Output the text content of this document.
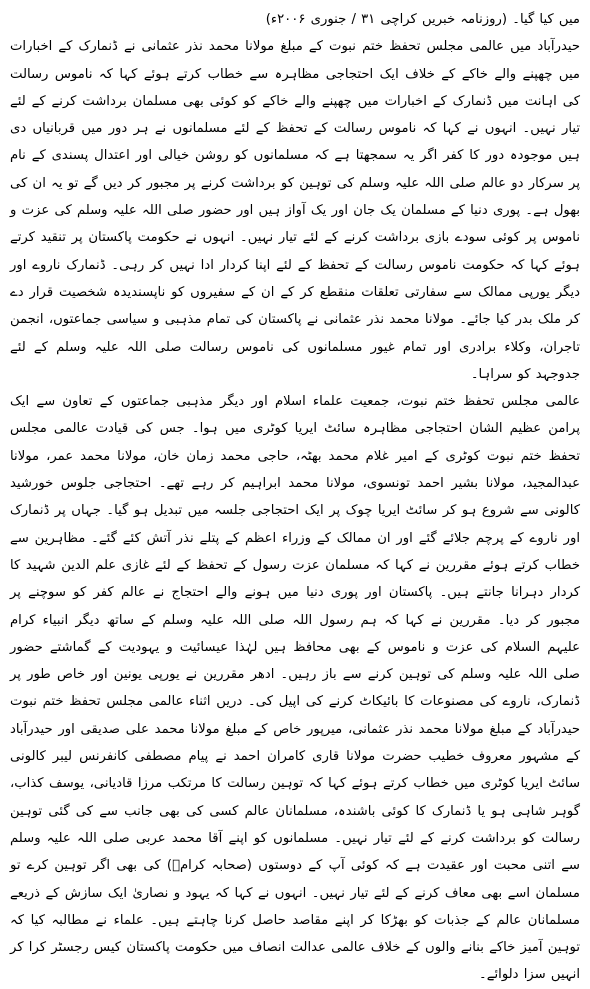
میں کیا گیا۔ (روزنامہ خبریں کراچی ۳۱ / جنوری ۲۰۰۶ء)

حیدرآباد میں عالمی مجلس تحفظ ختم نبوت کے مبلغ مولانا محمد نذر عثمانی نے ڈنمارک کے اخبارات میں چھپنے والے خاکے کے خلاف ایک احتجاجی مظاہرہ سے خطاب کرتے ہوئے کہا کہ ناموس رسالت کی اہانت میں ڈنمارک کے اخبارات میں چھپنے والے خاکے کو کوئی بھی مسلمان برداشت کرنے کے لئے تیار نہیں۔ انہوں نے کہا کہ ناموس رسالت کے تحفظ کے لئے مسلمانوں نے ہر دور میں قربانیاں دی ہیں موجودہ دور کا کفر اگر یہ سمجھتا ہے کہ مسلمانوں کو روشن خیالی اور اعتدال پسندی کے نام پر سرکار دو عالم صلی اللہ علیہ وسلم کی توہین کو برداشت کرنے پر مجبور کر دیں گے تو یہ ان کی بھول ہے۔ پوری دنیا کے مسلمان یک جان اور یک آواز ہیں اور حضور صلی اللہ علیہ وسلم کی عزت و ناموس پر کوئی سودے بازی برداشت کرنے کے لئے تیار نہیں۔ انہوں نے حکومت پاکستان پر تنقید کرتے ہوئے کہا کہ حکومت ناموس رسالت کے تحفظ کے لئے اپنا کردار ادا نہیں کر رہی۔ ڈنمارک ناروے اور دیگر یورپی ممالک سے سفارتی تعلقات منقطع کر کے ان کے سفیروں کو ناپسندیدہ شخصیت قرار دے کر ملک بدر کیا جائے۔ مولانا محمد نذر عثمانی نے پاکستان کی تمام مذہبی و سیاسی جماعتوں، انجمن تاجران، وکلاء برادری اور تمام غیور مسلمانوں کی ناموس رسالت صلی اللہ علیہ وسلم کے لئے جدوجہد کو سراہا۔

عالمی مجلس تحفظ ختم نبوت، جمعیت علماء اسلام اور دیگر مذہبی جماعتوں کے تعاون سے ایک پرامن عظیم الشان احتجاجی مظاہرہ سائٹ ایریا کوٹری میں ہوا۔ جس کی قیادت عالمی مجلس تحفظ ختم نبوت کوٹری کے امیر غلام محمد بھٹہ، حاجی محمد زمان خان، مولانا محمد عمر، مولانا عبدالمجید، مولانا بشیر احمد تونسوی، مولانا محمد ابراہیم کر رہے تھے۔ احتجاجی جلوس خورشید کالونی سے شروع ہو کر سائٹ ایریا چوک پر ایک احتجاجی جلسہ میں تبدیل ہو گیا۔ جہاں پر ڈنمارک اور ناروے کے پرچم جلائے گئے اور ان ممالک کے وزراء اعظم کے پتلے نذر آتش کئے گئے۔ مظاہرین سے خطاب کرتے ہوئے مقررین نے کہا کہ مسلمان عزت رسول کے تحفظ کے لئے غازی علم الدین شہید کا کردار دہرانا جانتے ہیں۔ پاکستان اور پوری دنیا میں ہونے والے احتجاج نے عالم کفر کو سوچنے پر مجبور کر دیا۔ مقررین نے کہا کہ ہم رسول اللہ صلی اللہ علیہ وسلم کے ساتھ دیگر انبیاء کرام علیہم السلام کی عزت و ناموس کے بھی محافظ ہیں لہٰذا عیسائیت و یہودیت کے گماشتے حضور صلی اللہ علیہ وسلم کی توہین کرنے سے باز رہیں۔ ادھر مقررین نے یورپی یونین اور خاص طور پر ڈنمارک، ناروے کی مصنوعات کا بائیکاٹ کرنے کی اپیل کی۔ دریں اثناء عالمی مجلس تحفظ ختم نبوت حیدرآباد کے مبلغ مولانا محمد نذر عثمانی، میرپور خاص کے مبلغ مولانا محمد علی صدیقی اور حیدرآباد کے مشہور معروف خطیب حضرت مولانا قاری کامران احمد نے پیام مصطفی کانفرنس لیبر کالونی سائٹ ایریا کوٹری میں خطاب کرتے ہوئے کہا کہ توہین رسالت کا مرتکب مرزا قادیانی، یوسف کذاب، گوہر شاہی ہو یا ڈنمارک کا کوئی باشندہ، مسلمانان عالم کسی کی بھی جانب سے کی گئی توہین رسالت کو برداشت کرنے کے لئے تیار نہیں۔ مسلمانوں کو اپنے آقا محمد عربی صلی اللہ علیہ وسلم سے اتنی محبت اور عقیدت ہے کہ کوئی آپ کے دوستوں (صحابہ کرامؓ) کی بھی اگر توہین کرے تو مسلمان اسے بھی معاف کرنے کے لئے تیار نہیں۔ انہوں نے کہا کہ یہود و نصاریٰ ایک سازش کے ذریعے مسلمانان عالم کے جذبات کو بھڑکا کر اپنے مقاصد حاصل کرنا چاہتے ہیں۔ علماء نے مطالبہ کیا کہ توہین آمیز خاکے بنانے والوں کے خلاف عالمی عدالت انصاف میں حکومت پاکستان کیس رجسٹر کرا کر انہیں سزا دلوائے۔
